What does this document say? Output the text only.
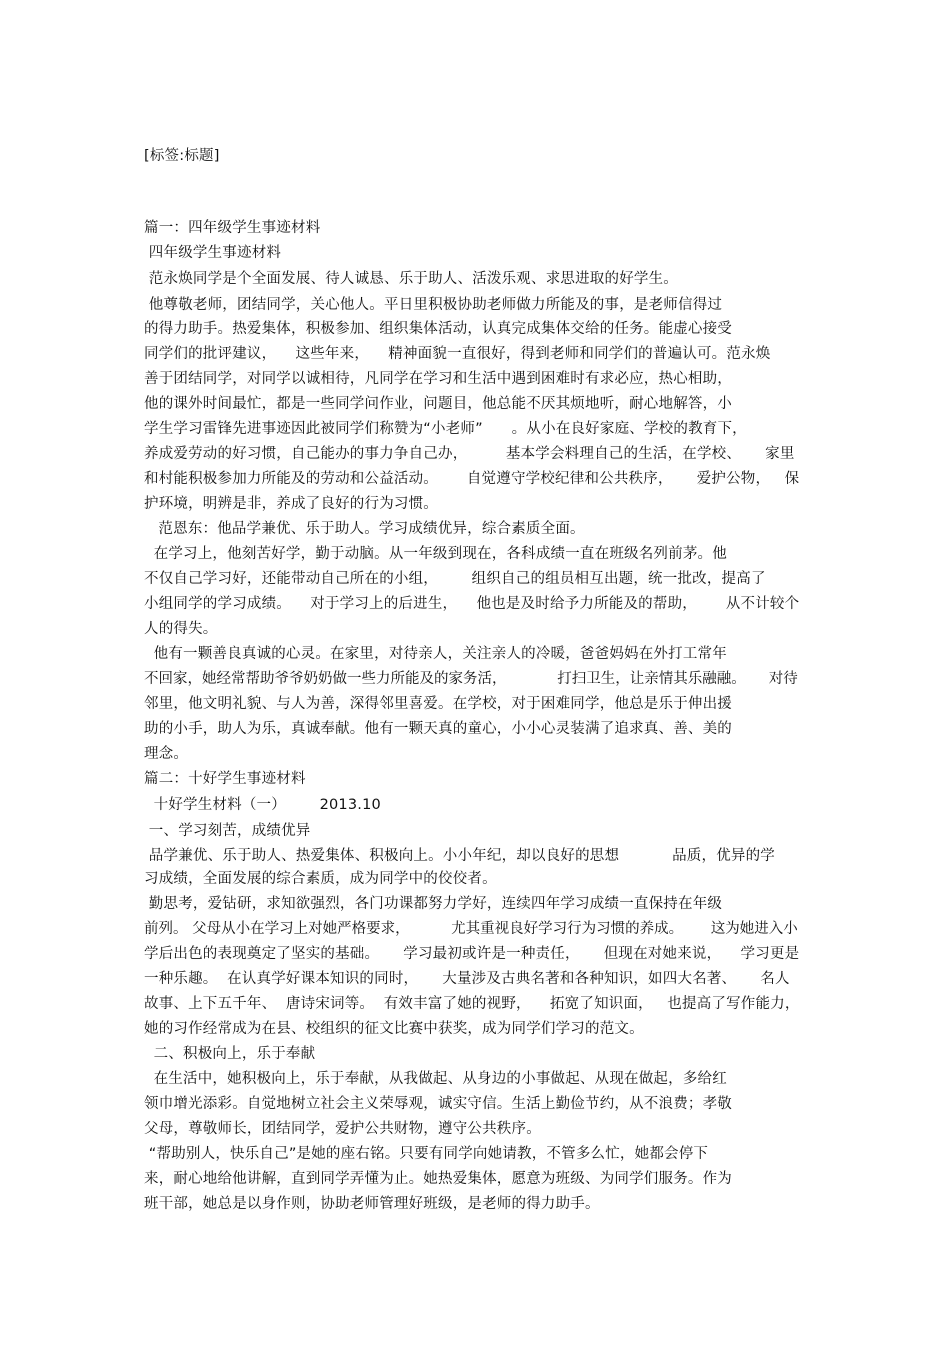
[标签:标题]
篇一：四年级学生事迹材料
四年级学生事迹材料
范永焕同学是个全面发展、待人诚恳、乐于助人、活泼乐观、求思进取的好学生。
他尊敬老师，团结同学，关心他人。平日里积极协助老师做力所能及的事，是老师信得过
的得力助手。热爱集体，积极参加、组织集体活动，认真完成集体交给的任务。能虚心接受
同学们的批评建议，    这些年来，    精神面貌一直很好，得到老师和同学们的普遍认可。范永焕
善于团结同学，对同学以诚相待，凡同学在学习和生活中遇到困难时有求必应，热心相助，
他的课外时间最忙，都是一些同学问作业，问题目，他总能不厌其烦地听，耐心地解答，小
学生学习雷锋先进事迹因此被同学们称赞为“小老师”      。从小在良好家庭、学校的教育下，
养成爱劳动的好习惯，自己能办的事力争自己办，        基本学会料理自己的生活，在学校、     家里
和村能积极参加力所能及的劳动和公益活动。      自觉遵守学校纪律和公共秩序，     爱护公物，   保
护环境，明辨是非，养成了良好的行为习惯。
范恩东：他品学兼优、乐于助人。学习成绩优异，综合素质全面。
在学习上，他刻苦好学，勤于动脑。从一年级到现在，各科成绩一直在班级名列前茅。他
不仅自己学习好，还能带动自己所在的小组，       组织自己的组员相互出题，统一批改，提高了
小组同学的学习成绩。    对于学习上的后进生，    他也是及时给予力所能及的帮助，      从不计较个
人的得失。
他有一颗善良真诚的心灵。在家里，对待亲人，关注亲人的冷暖，爸爸妈妈在外打工常年
不回家，她经常帮助爷爷奶奶做一些力所能及的家务活，           打扫卫生，让亲情其乐融融。     对待
邻里，他文明礼貌、与人为善，深得邻里喜爱。在学校，对于困难同学，他总是乐于伸出援
助的小手，助人为乐，真诚奉献。他有一颗天真的童心，小小心灵装满了追求真、善、美的
理念。
篇二：十好学生事迹材料
十好学生材料（一）       2013.10
一、学习刻苦，成绩优异
品学兼优、乐于助人、热爱集体、积极向上。小小年纪，却以良好的思想           品质，优异的学
习成绩，全面发展的综合素质，成为同学中的佼佼者。
勤思考，爱钻研，求知欲强烈，各门功课都努力学好，连续四年学习成绩一直保持在年级
前列。 父母从小在学习上对她严格要求，         尤其重视良好学习行为习惯的养成。      这为她进入小
学后出色的表现奠定了坚实的基础。     学习最初或许是一种责任，     但现在对她来说，    学习更是
一种乐趣。  在认真学好课本知识的同时，     大量涉及古典名著和各种知识，如四大名著、     名人
故事、上下五千年、  唐诗宋词等。  有效丰富了她的视野，    拓宽了知识面，   也提高了写作能力，
她的习作经常成为在县、校组织的征文比赛中获奖，成为同学们学习的范文。
二、积极向上，乐于奉献
在生活中，她积极向上，乐于奉献，从我做起、从身边的小事做起、从现在做起，多给红
领巾增光添彩。自觉地树立社会主义荣辱观，诚实守信。生活上勤俭节约，从不浪费；孝敬
父母，尊敬师长，团结同学，爱护公共财物，遵守公共秩序。
“帮助别人，快乐自己”是她的座右铭。只要有同学向她请教，不管多么忙，她都会停下
来，耐心地给他讲解，直到同学弄懂为止。她热爱集体，愿意为班级、为同学们服务。作为
班干部，她总是以身作则，协助老师管理好班级，是老师的得力助手。
